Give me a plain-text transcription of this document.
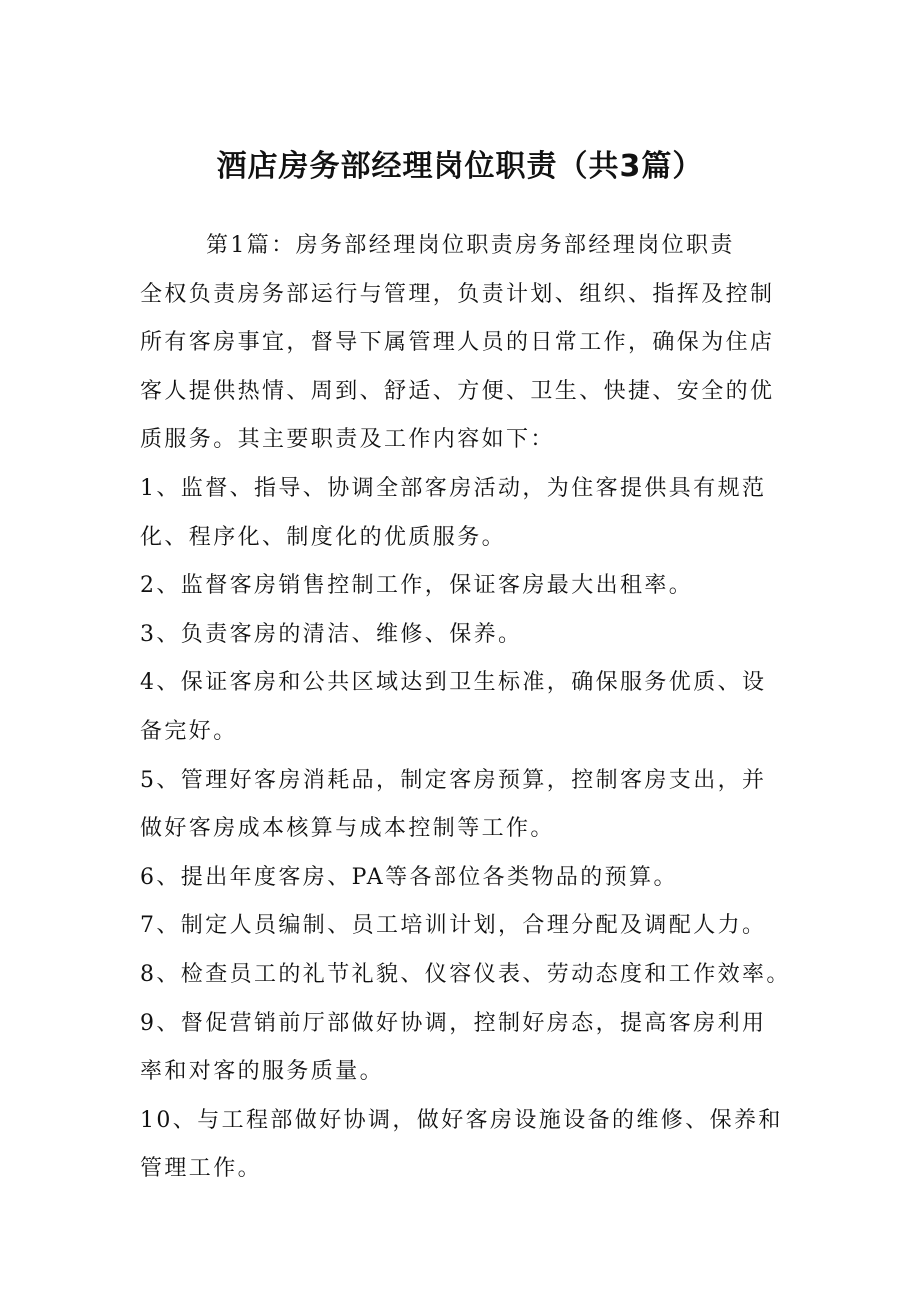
酒店房务部经理岗位职责（共3篇）
第1篇：房务部经理岗位职责房务部经理岗位职责
全权负责房务部运行与管理，负责计划、组织、指挥及控制
所有客房事宜，督导下属管理人员的日常工作，确保为住店
客人提供热情、周到、舒适、方便、卫生、快捷、安全的优
质服务。其主要职责及工作内容如下：
1、监督、指导、协调全部客房活动，为住客提供具有规范
化、程序化、制度化的优质服务。
2、监督客房销售控制工作，保证客房最大出租率。
3、负责客房的清洁、维修、保养。
4、保证客房和公共区域达到卫生标准，确保服务优质、设
备完好。
5、管理好客房消耗品，制定客房预算，控制客房支出，并
做好客房成本核算与成本控制等工作。
6、提出年度客房、PA等各部位各类物品的预算。
7、制定人员编制、员工培训计划，合理分配及调配人力。
8、检查员工的礼节礼貌、仪容仪表、劳动态度和工作效率。
9、督促营销前厅部做好协调，控制好房态，提高客房利用
率和对客的服务质量。
10、与工程部做好协调，做好客房设施设备的维修、保养和
管理工作。
